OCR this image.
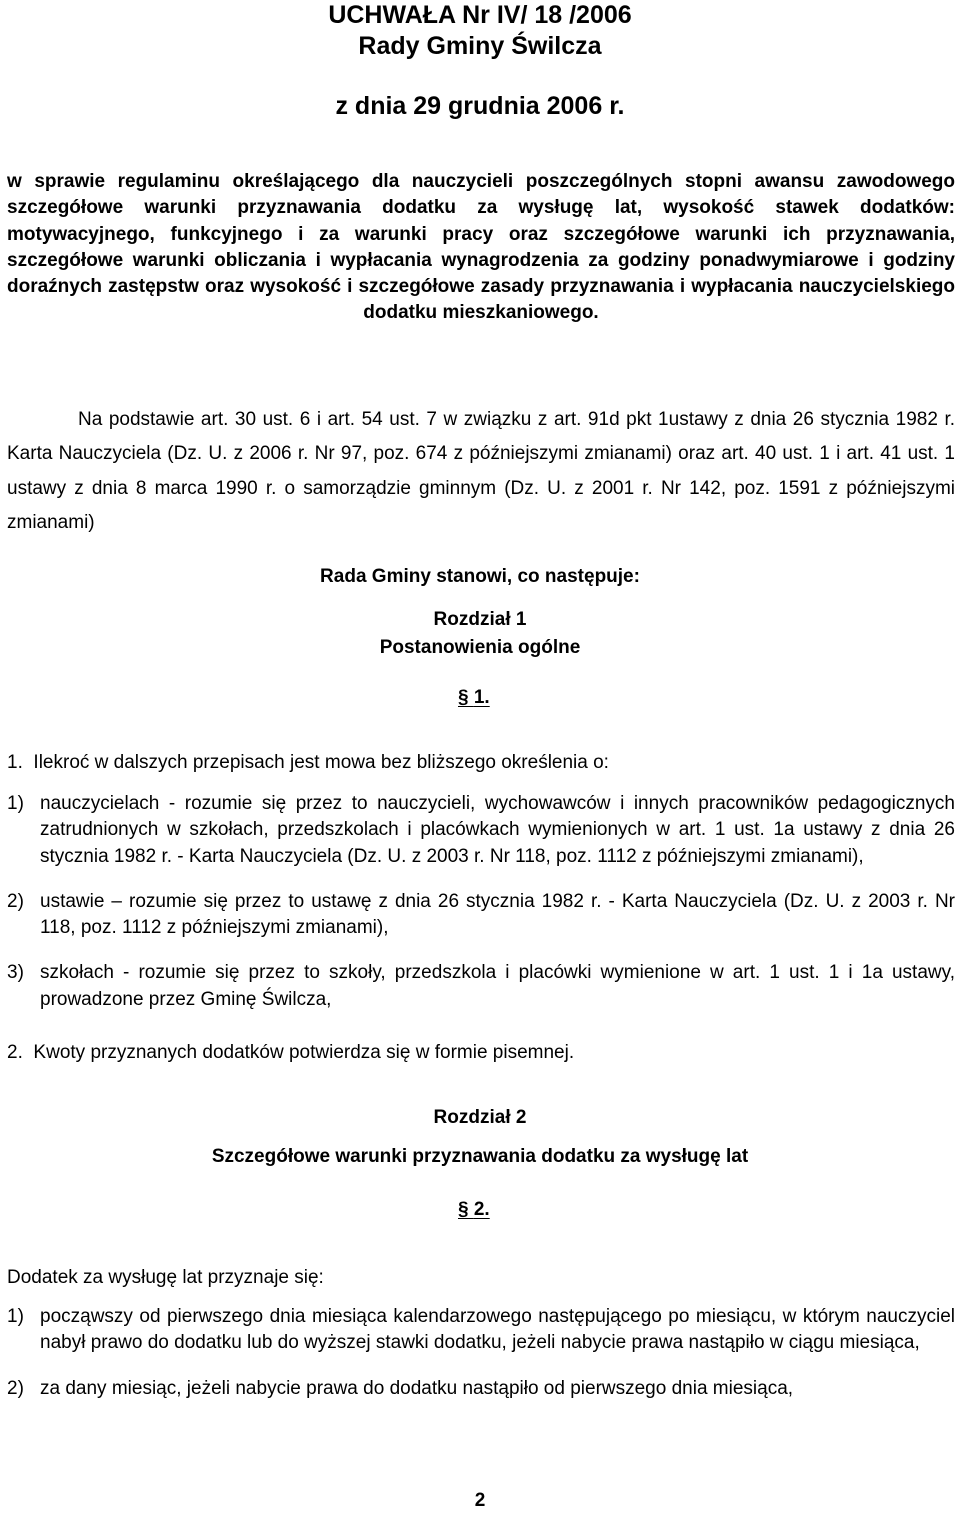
UCHWAŁA Nr IV/ 18 /2006
Rady Gminy Świlcza
z dnia 29 grudnia 2006 r.
w sprawie regulaminu określającego dla nauczycieli poszczególnych stopni awansu zawodowego szczegółowe warunki przyznawania dodatku za wysługę lat, wysokość stawek dodatków: motywacyjnego, funkcyjnego i za warunki pracy oraz szczegółowe warunki ich przyznawania, szczegółowe warunki obliczania i wypłacania wynagrodzenia za godziny ponadwymiarowe i godziny doraźnych zastępstw oraz wysokość i szczegółowe zasady przyznawania i wypłacania nauczycielskiego dodatku mieszkaniowego.
Na podstawie art. 30 ust. 6 i art. 54 ust. 7 w związku z art. 91d pkt 1ustawy z dnia 26 stycznia 1982 r. Karta Nauczyciela (Dz. U. z 2006 r. Nr 97, poz. 674 z późniejszymi zmianami) oraz art. 40 ust. 1 i art. 41 ust. 1 ustawy z dnia 8 marca 1990 r. o samorządzie gminnym (Dz. U. z 2001 r. Nr 142, poz. 1591 z późniejszymi zmianami)
Rada Gminy stanowi, co następuje:
Rozdział 1
Postanowienia ogólne
§ 1.
1. Ilekroć w dalszych przepisach jest mowa bez bliższego określenia o:
1) nauczycielach - rozumie się przez to nauczycieli, wychowawców i innych pracowników pedagogicznych zatrudnionych w szkołach, przedszkolach i placówkach wymienionych w art. 1 ust. 1a ustawy z dnia 26 stycznia 1982 r. - Karta Nauczyciela (Dz. U. z 2003 r. Nr 118, poz. 1112 z późniejszymi zmianami),
2) ustawie – rozumie się przez to ustawę z dnia 26 stycznia 1982 r. - Karta Nauczyciela (Dz. U. z 2003 r. Nr 118, poz. 1112 z późniejszymi zmianami),
3) szkołach - rozumie się przez to szkoły, przedszkola i placówki wymienione w art. 1 ust. 1 i 1a ustawy, prowadzone przez Gminę Świlcza,
2. Kwoty przyznanych dodatków potwierdza się w formie pisemnej.
Rozdział 2
Szczegółowe warunki przyznawania dodatku za wysługę lat
§ 2.
Dodatek za wysługę lat przyznaje się:
1) począwszy od pierwszego dnia miesiąca kalendarzowego następującego po miesiącu, w którym nauczyciel nabył prawo do dodatku lub do wyższej stawki dodatku, jeżeli nabycie prawa nastąpiło w ciągu miesiąca,
2) za dany miesiąc, jeżeli nabycie prawa do dodatku nastąpiło od pierwszego dnia miesiąca,
2
